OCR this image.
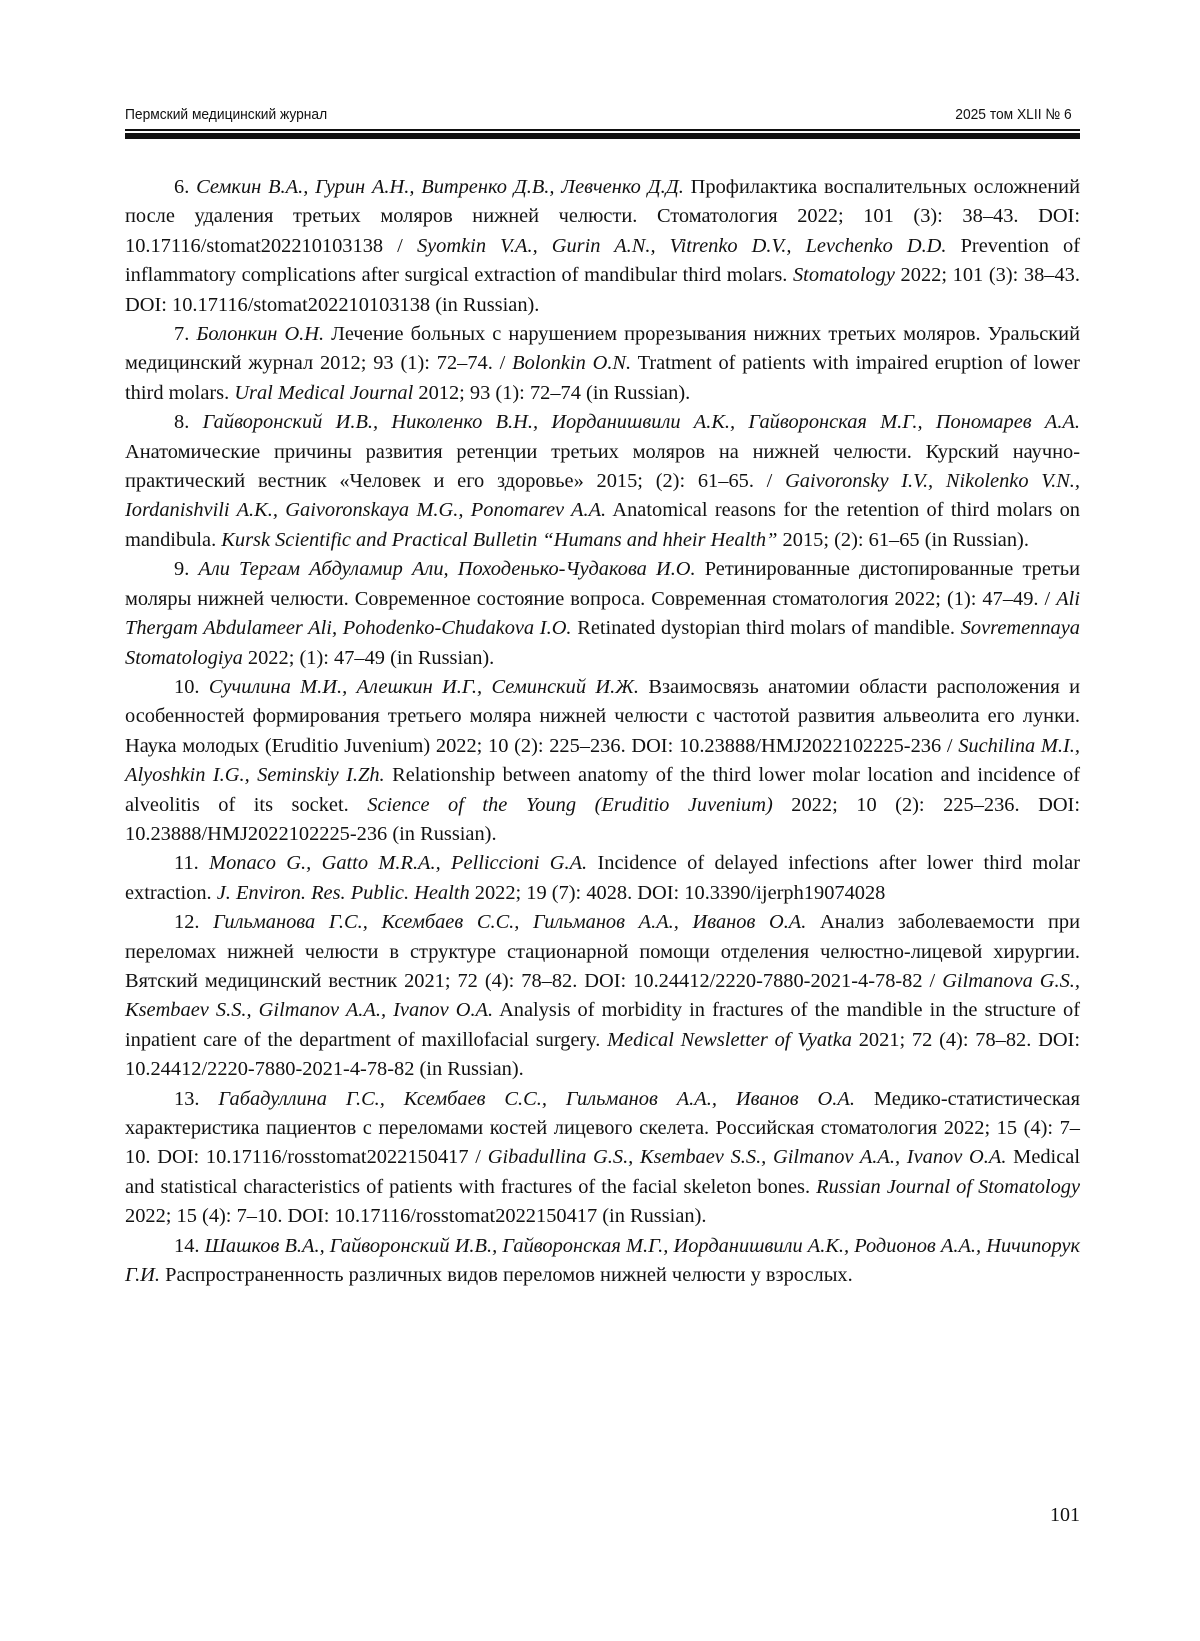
Пермский медицинский журнал	2025 том XLII № 6

6. Семкин В.А., Гурин А.Н., Витренко Д.В., Левченко Д.Д. Профилактика воспалительных осложнений после удаления третьих моляров нижней челюсти. Стоматология 2022; 101 (3): 38–43. DOI: 10.17116/stomat202210103138 / Syomkin V.A., Gurin A.N., Vitrenko D.V., Levchenko D.D. Prevention of inflammatory complications after surgical extraction of mandibular third molars. Stomatology 2022; 101 (3): 38–43. DOI: 10.17116/stomat202210103138 (in Russian).

7. Болонкин О.Н. Лечение больных с нарушением прорезывания нижних третьих моляров. Уральский медицинский журнал 2012; 93 (1): 72–74. / Bolonkin O.N. Tratment of patients with impaired eruption of lower third molars. Ural Medical Journal 2012; 93 (1): 72–74 (in Russian).

8. Гайворонский И.В., Николенко В.Н., Иорданишвили А.К., Гайворонская М.Г., Пономарев А.А. Анатомические причины развития ретенции третьих моляров на нижней челюсти. Курский научно-практический вестник «Человек и его здоровье» 2015; (2): 61–65. / Gaivoronsky I.V., Nikolenko V.N., Iordanishvili A.K., Gaivoronskaya M.G., Ponomarev A.A. Anatomical reasons for the retention of third molars on mandibula. Kursk Scientific and Practical Bulletin “Humans and hheir Health” 2015; (2): 61–65 (in Russian).

9. Али Тергам Абдуламир Али, Походенько-Чудакова И.О. Ретинированные дистопированные третьи моляры нижней челюсти. Современное состояние вопроса. Современная стоматология 2022; (1): 47–49. / Ali Thergam Abdulameer Ali, Pohodenko-Chudakova I.O. Retinated dystopian third molars of mandible. Sovremennaya Stomatologiya 2022; (1): 47–49 (in Russian).

10. Сучилина М.И., Алешкин И.Г., Семинский И.Ж. Взаимосвязь анатомии области расположения и особенностей формирования третьего моляра нижней челюсти с частотой развития альвеолита его лунки. Наука молодых (Eruditio Juvenium) 2022; 10 (2): 225–236. DOI: 10.23888/HMJ2022102225-236 / Suchilina M.I., Alyoshkin I.G., Seminskiy I.Zh. Relationship between anatomy of the third lower molar location and incidence of alveolitis of its socket. Science of the Young (Eruditio Juvenium) 2022; 10 (2): 225–236. DOI: 10.23888/HMJ2022102225-236 (in Russian).

11. Monaco G., Gatto M.R.A., Pelliccioni G.A. Incidence of delayed infections after lower third molar extraction. J. Environ. Res. Public. Health 2022; 19 (7): 4028. DOI: 10.3390/ijerph19074028

12. Гильманова Г.С., Ксембаев С.С., Гильманов А.А., Иванов О.А. Анализ заболеваемости при переломах нижней челюсти в структуре стационарной помощи отделения челюстно-лицевой хирургии. Вятский медицинский вестник 2021; 72 (4): 78–82. DOI: 10.24412/2220-7880-2021-4-78-82 / Gilmanova G.S., Ksembaev S.S., Gilmanov A.A., Ivanov O.A. Analysis of morbidity in fractures of the mandible in the structure of inpatient care of the department of maxillofacial surgery. Medical Newsletter of Vyatka 2021; 72 (4): 78–82. DOI: 10.24412/2220-7880-2021-4-78-82 (in Russian).

13. Габадуллина Г.С., Ксембаев С.С., Гильманов А.А., Иванов О.А. Медико-статистическая характеристика пациентов с переломами костей лицевого скелета. Российская стоматология 2022; 15 (4): 7–10. DOI: 10.17116/rosstomat2022150417 / Gibadullina G.S., Ksembaev S.S., Gilmanov A.A., Ivanov O.A. Medical and statistical characteristics of patients with fractures of the facial skeleton bones. Russian Journal of Stomatology 2022; 15 (4): 7–10. DOI: 10.17116/rosstomat2022150417 (in Russian).

14. Шашков В.А., Гайворонский И.В., Гайворонская М.Г., Иорданишвили А.К., Родионов А.А., Ничипорук Г.И. Распространенность различных видов переломов нижней челюсти у взрослых.

101
